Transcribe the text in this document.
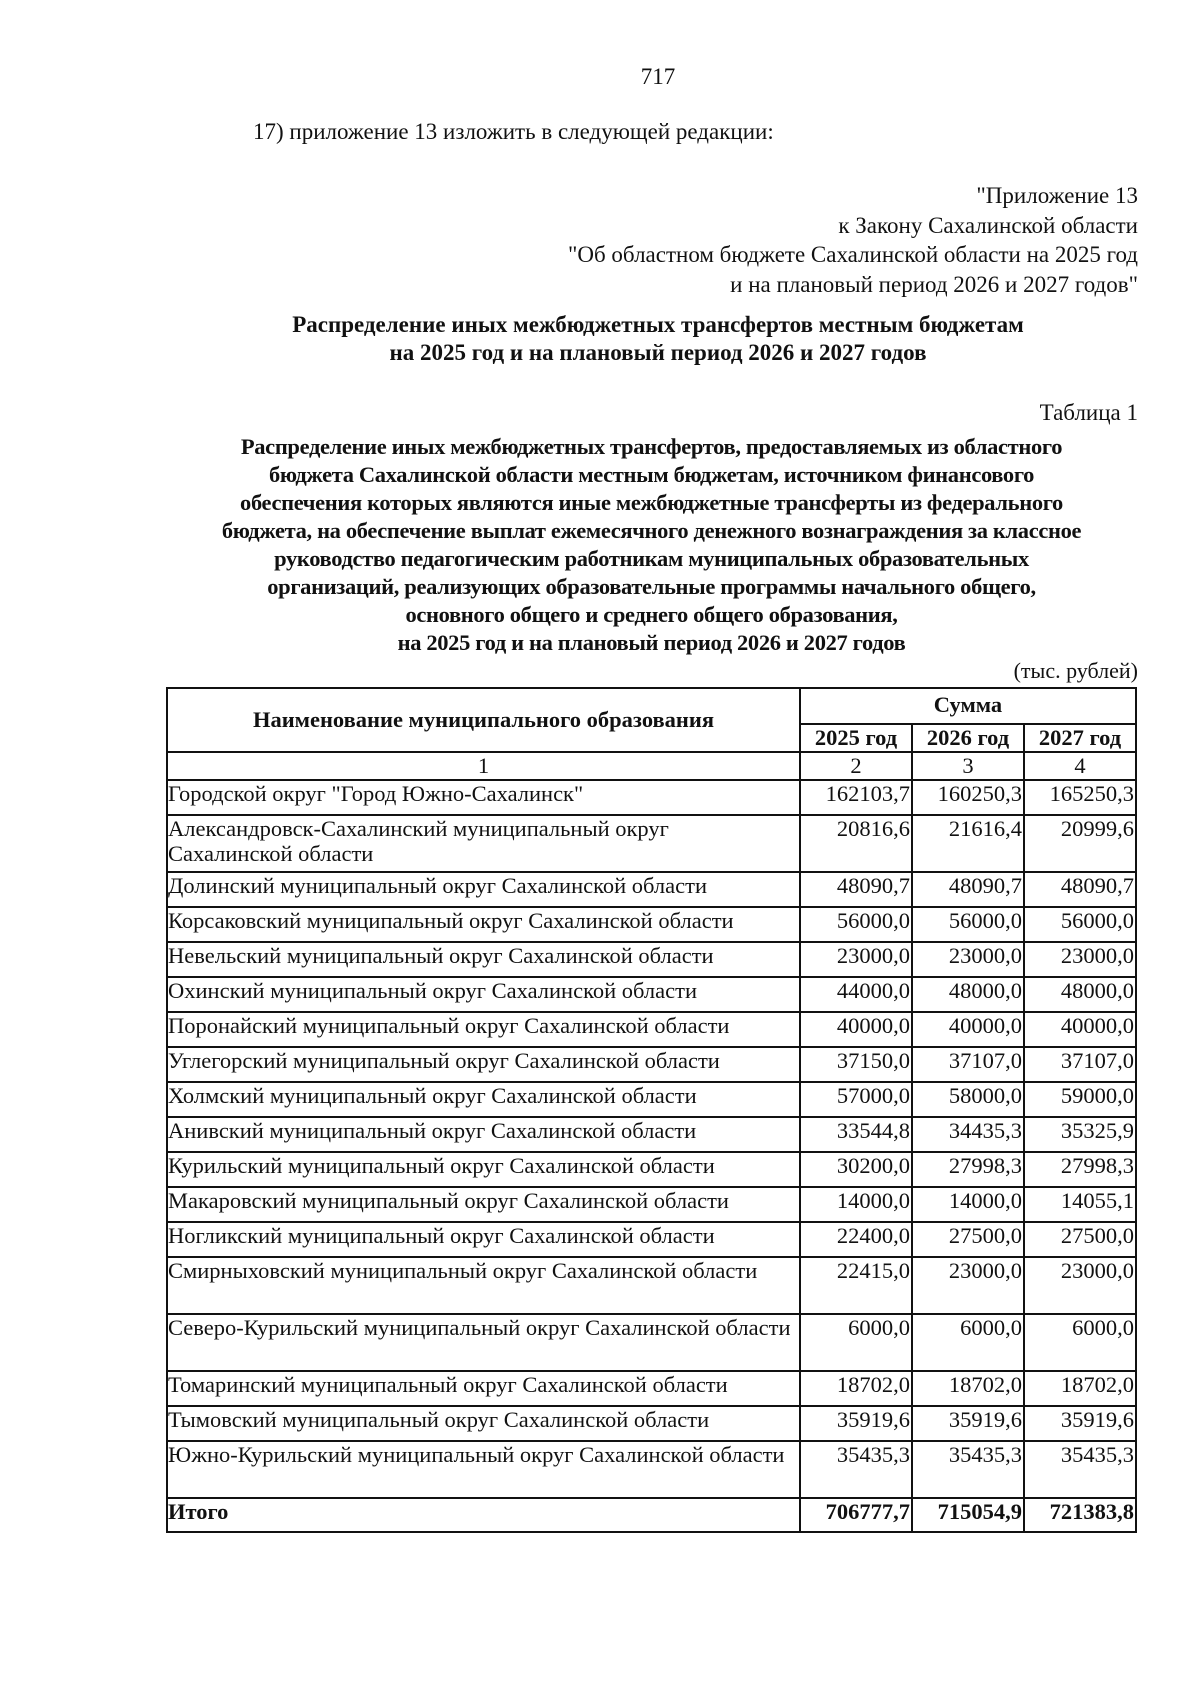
717
17) приложение 13 изложить в следующей редакции:
"Приложение 13
к Закону Сахалинской области
"Об областном бюджете Сахалинской области на 2025 год
и на плановый период 2026 и 2027 годов"
Распределение иных межбюджетных трансфертов местным бюджетам
на 2025 год и на плановый период 2026 и 2027 годов
Таблица 1
Распределение иных межбюджетных трансфертов, предоставляемых из областного
бюджета Сахалинской области местным бюджетам, источником финансового
обеспечения которых являются иные межбюджетные трансферты из федерального
бюджета, на обеспечение выплат ежемесячного денежного вознаграждения за классное
руководство педагогическим работникам муниципальных образовательных
организаций, реализующих образовательные программы начального общего,
основного общего и среднего общего образования,
на 2025 год и на плановый период 2026 и 2027 годов
(тыс. рублей)
Наименование муниципального образования	Сумма		
	2025 год	2026 год	2027 год
1	2	3	4
Городской округ "Город Южно-Сахалинск"	162103,7	160250,3	165250,3
Александровск-Сахалинский муниципальный округ Сахалинской области	20816,6	21616,4	20999,6
Долинский муниципальный округ Сахалинской области	48090,7	48090,7	48090,7
Корсаковский муниципальный округ Сахалинской области	56000,0	56000,0	56000,0
Невельский муниципальный округ Сахалинской области	23000,0	23000,0	23000,0
Охинский муниципальный округ Сахалинской области	44000,0	48000,0	48000,0
Поронайский муниципальный округ Сахалинской области	40000,0	40000,0	40000,0
Углегорский муниципальный округ Сахалинской области	37150,0	37107,0	37107,0
Холмский муниципальный округ Сахалинской области	57000,0	58000,0	59000,0
Анивский муниципальный округ Сахалинской области	33544,8	34435,3	35325,9
Курильский муниципальный округ Сахалинской области	30200,0	27998,3	27998,3
Макаровский муниципальный округ Сахалинской области	14000,0	14000,0	14055,1
Ногликский муниципальный округ Сахалинской области	22400,0	27500,0	27500,0
Смирныховский муниципальный округ Сахалинской области	22415,0	23000,0	23000,0
Северо-Курильский муниципальный округ Сахалинской области	6000,0	6000,0	6000,0
Томаринский муниципальный округ Сахалинской области	18702,0	18702,0	18702,0
Тымовский муниципальный округ Сахалинской области	35919,6	35919,6	35919,6
Южно-Курильский муниципальный округ Сахалинской области	35435,3	35435,3	35435,3
Итого	706777,7	715054,9	721383,8
